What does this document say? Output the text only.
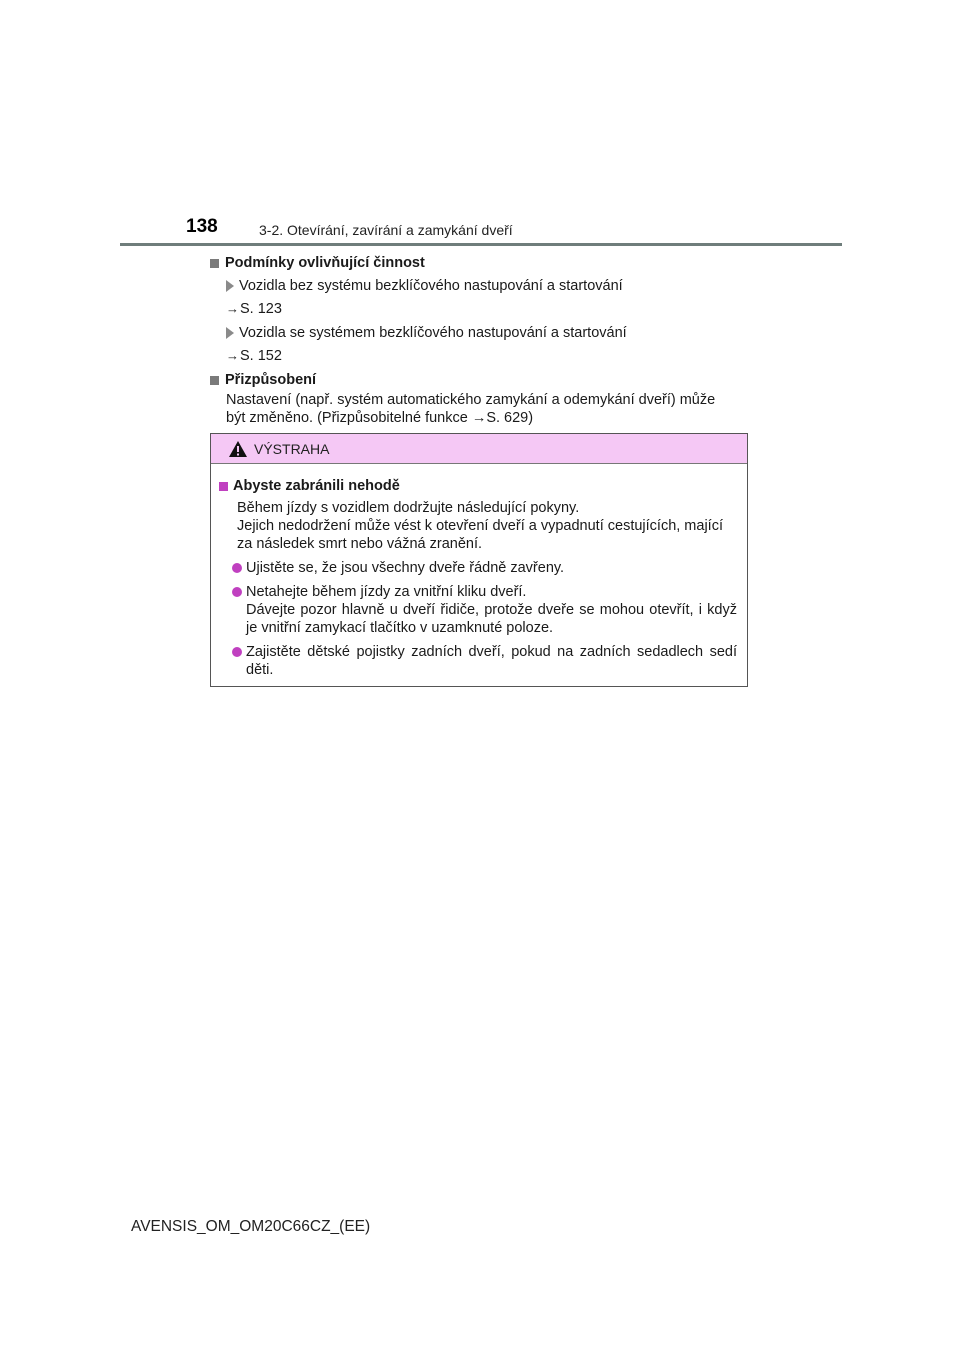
138	3-2. Otevírání, zavírání a zamykání dveří
Podmínky ovlivňující činnost
Vozidla bez systému bezklíčového nastupování a startování
→S. 123
Vozidla se systémem bezklíčového nastupování a startování
→S. 152
Přizpůsobení
Nastavení (např. systém automatického zamykání a odemykání dveří) může
být změněno. (Přizpůsobitelné funkce →S. 629)
VÝSTRAHA
Abyste zabránili nehodě
Během jízdy s vozidlem dodržujte následující pokyny.
Jejich nedodržení může vést k otevření dveří a vypadnutí cestujících, mající za následek smrt nebo vážná zranění.
Ujistěte se, že jsou všechny dveře řádně zavřeny.
Netahejte během jízdy za vnitřní kliku dveří.
Dávejte pozor hlavně u dveří řidiče, protože dveře se mohou otevřít, i když je vnitřní zamykací tlačítko v uzamknuté poloze.
Zajistěte dětské pojistky zadních dveří, pokud na zadních sedadlech sedí děti.
AVENSIS_OM_OM20C66CZ_(EE)
